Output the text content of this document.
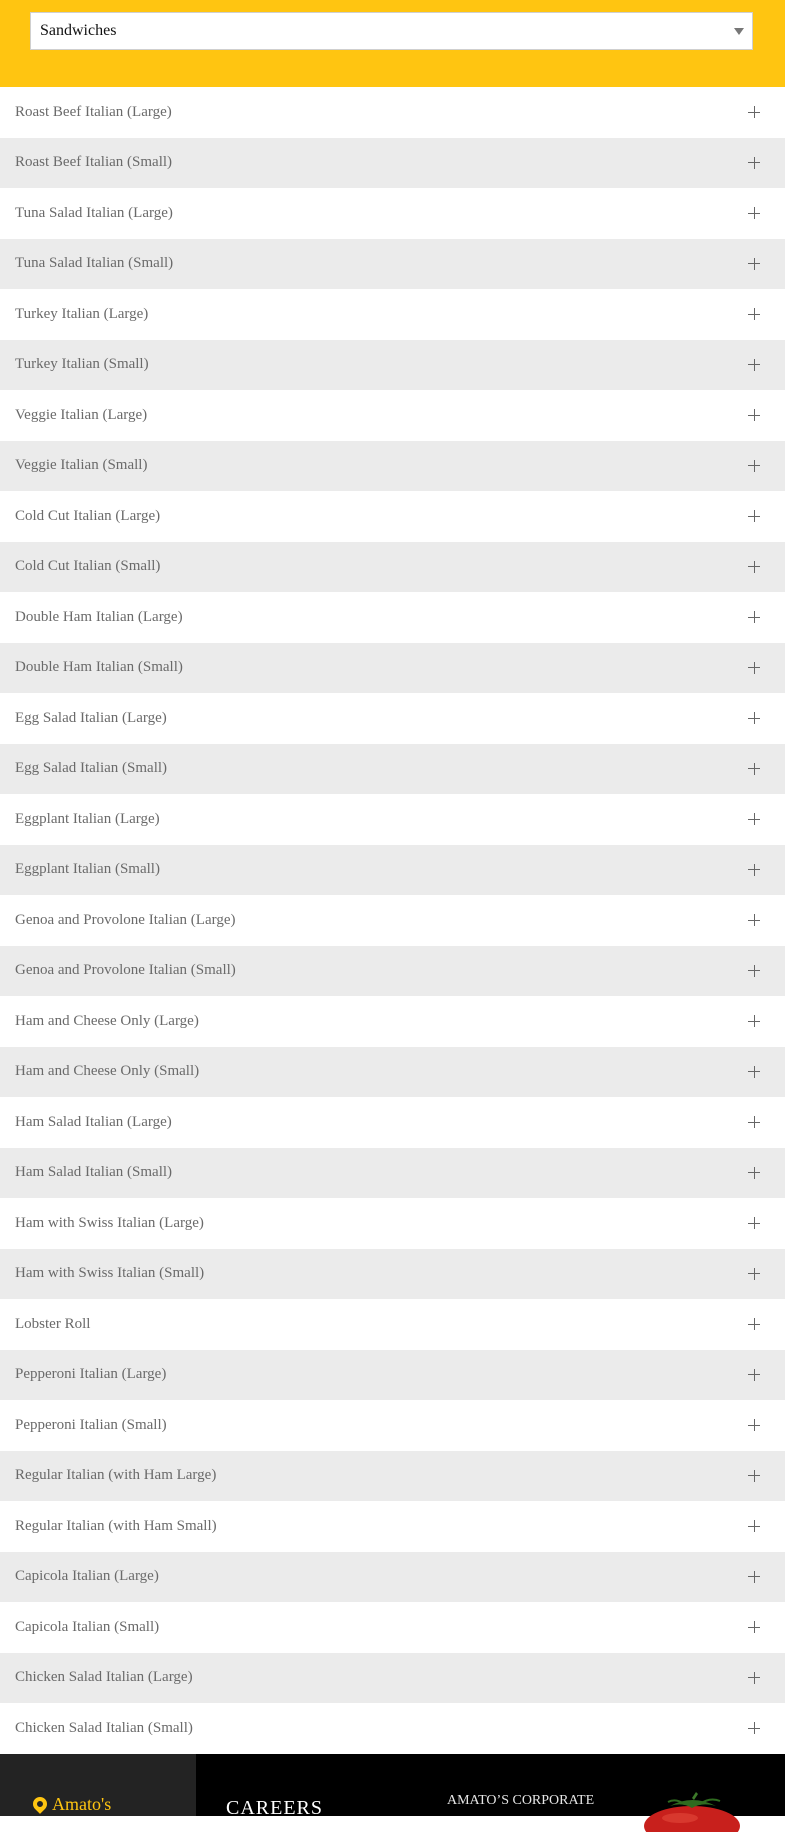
Sandwiches
Roast Beef Italian (Large)
Roast Beef Italian (Small)
Tuna Salad Italian (Large)
Tuna Salad Italian (Small)
Turkey Italian (Large)
Turkey Italian (Small)
Veggie Italian (Large)
Veggie Italian (Small)
Cold Cut Italian (Large)
Cold Cut Italian (Small)
Double Ham Italian (Large)
Double Ham Italian (Small)
Egg Salad Italian (Large)
Egg Salad Italian (Small)
Eggplant Italian (Large)
Eggplant Italian (Small)
Genoa and Provolone Italian (Large)
Genoa and Provolone Italian (Small)
Ham and Cheese Only (Large)
Ham and Cheese Only (Small)
Ham Salad Italian (Large)
Ham Salad Italian (Small)
Ham with Swiss Italian (Large)
Ham with Swiss Italian (Small)
Lobster Roll
Pepperoni Italian (Large)
Pepperoni Italian (Small)
Regular Italian (with Ham Large)
Regular Italian (with Ham Small)
Capicola Italian (Large)
Capicola Italian (Small)
Chicken Salad Italian (Large)
Chicken Salad Italian (Small)
Amato's	CAREERS	AMATO’S CORPORATE
